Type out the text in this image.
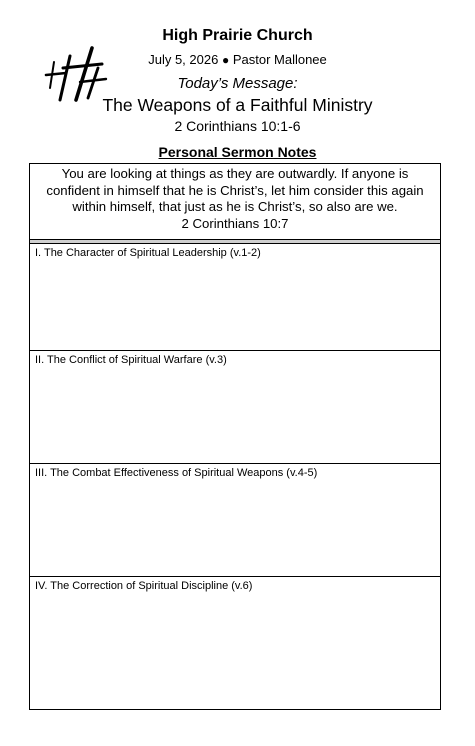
High Prairie Church
July 5, 2026 ● Pastor Mallonee
Today’s Message:
The Weapons of a Faithful Ministry
2 Corinthians 10:1-6
Personal Sermon Notes
You are looking at things as they are outwardly. If anyone is
confident in himself that he is Christ’s, let him consider this again
within himself, that just as he is Christ’s, so also are we.
2 Corinthians 10:7
I. The Character of Spiritual Leadership (v.1-2)
II. The Conflict of Spiritual Warfare (v.3)
III. The Combat Effectiveness of Spiritual Weapons (v.4-5)
IV. The Correction of Spiritual Discipline (v.6)
